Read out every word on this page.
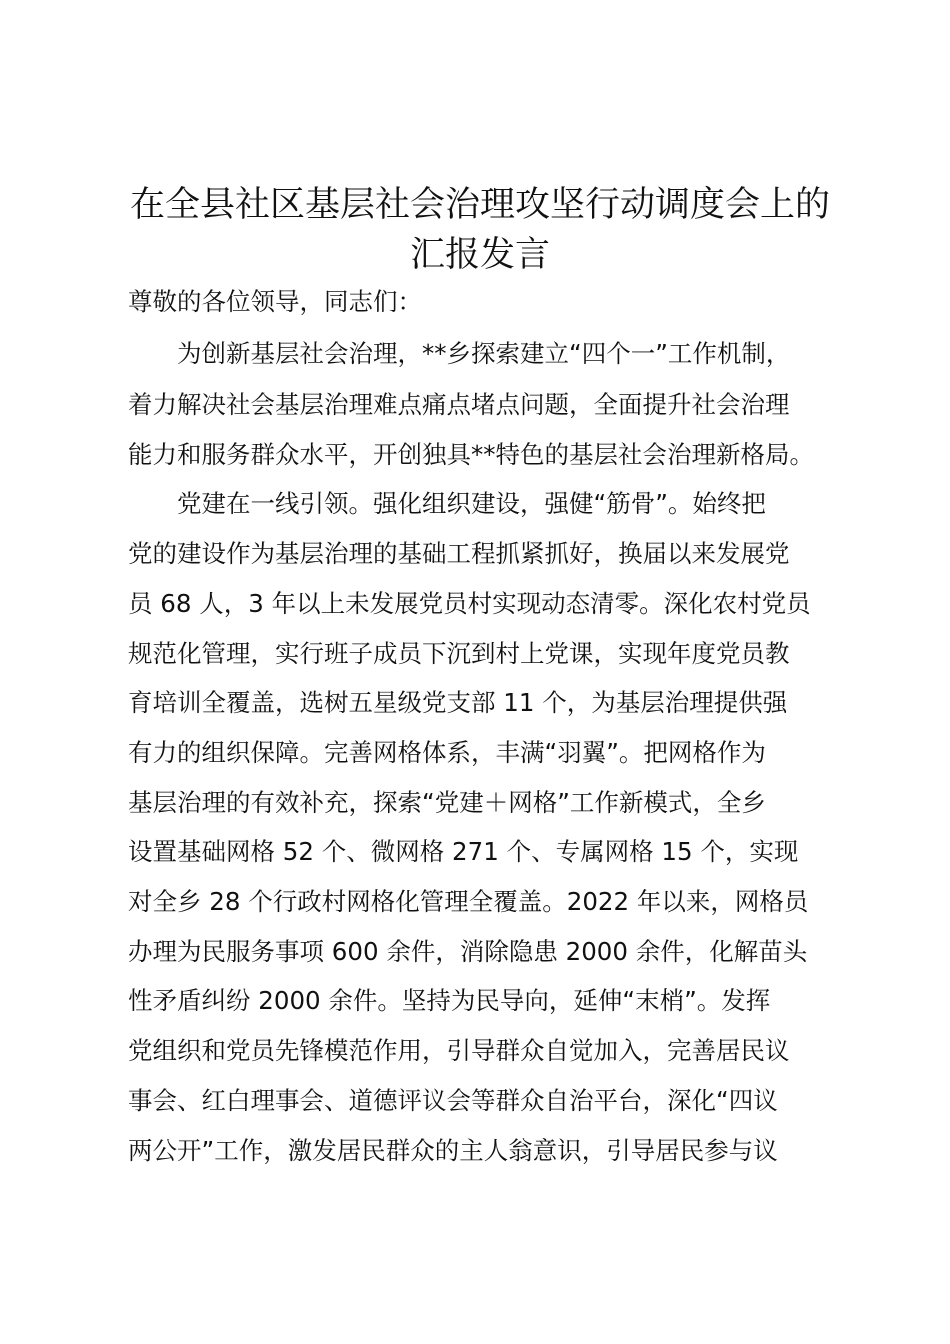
在全县社区基层社会治理攻坚行动调度会上的
汇报发言

尊敬的各位领导，同志们：

　　为创新基层社会治理，**乡探索建立“四个一”工作机制，

着力解决社会基层治理难点痛点堵点问题，全面提升社会治理

能力和服务群众水平，开创独具**特色的基层社会治理新格局。

　　党建在一线引领。强化组织建设，强健“筋骨”。始终把

党的建设作为基层治理的基础工程抓紧抓好，换届以来发展党

员 68 人，3 年以上未发展党员村实现动态清零。深化农村党员

规范化管理，实行班子成员下沉到村上党课，实现年度党员教

育培训全覆盖，选树五星级党支部 11 个，为基层治理提供强

有力的组织保障。完善网格体系，丰满“羽翼”。把网格作为

基层治理的有效补充，探索“党建＋网格”工作新模式，全乡

设置基础网格 52 个、微网格 271 个、专属网格 15 个，实现

对全乡 28 个行政村网格化管理全覆盖。2022 年以来，网格员

办理为民服务事项 600 余件，消除隐患 2000 余件，化解苗头

性矛盾纠纷 2000 余件。坚持为民导向，延伸“末梢”。发挥

党组织和党员先锋模范作用，引导群众自觉加入，完善居民议

事会、红白理事会、道德评议会等群众自治平台，深化“四议

两公开”工作，激发居民群众的主人翁意识，引导居民参与议
